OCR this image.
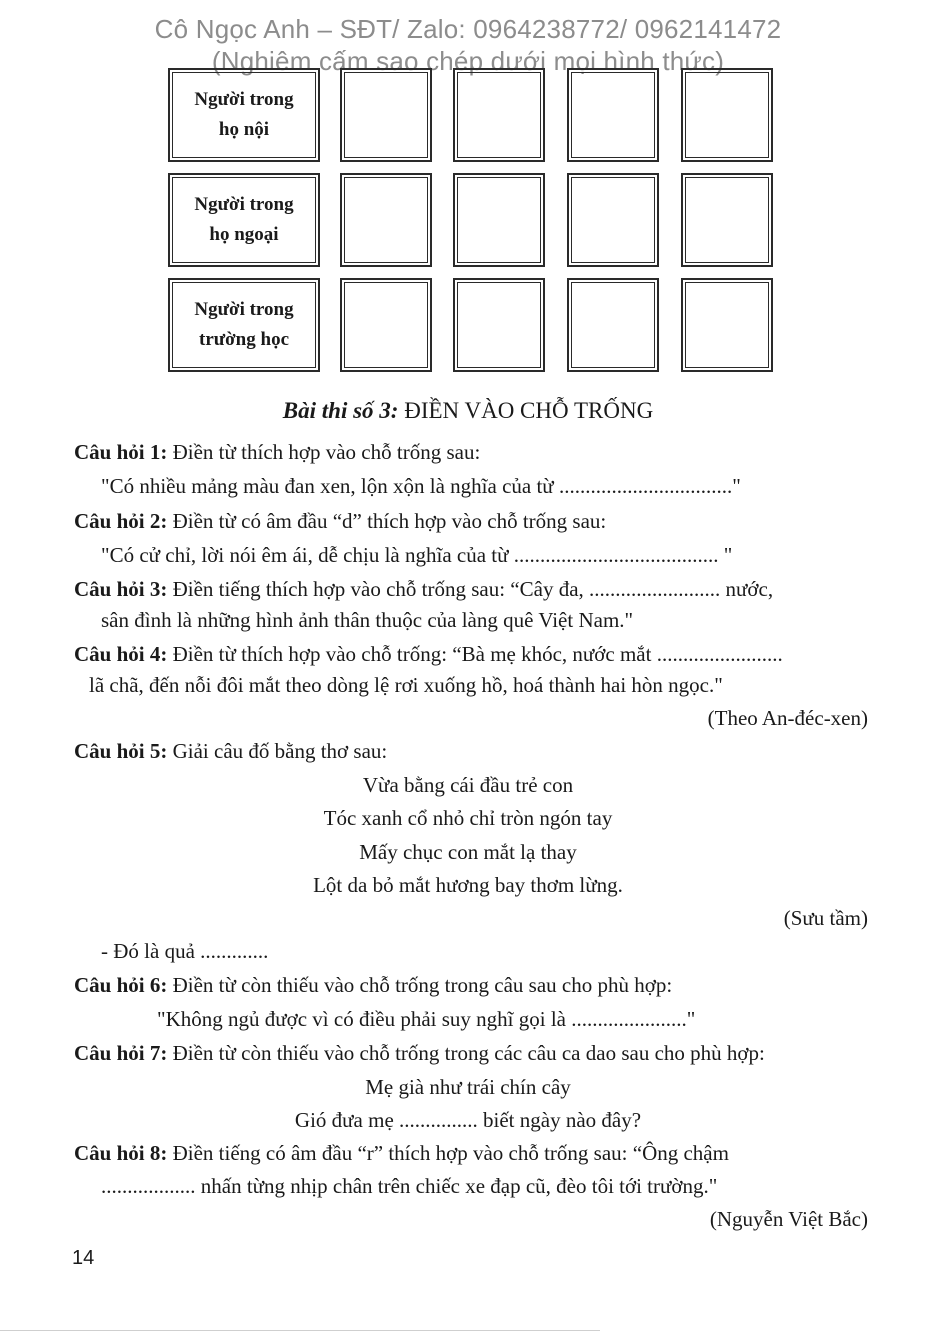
Cô Ngọc Anh – SĐT/ Zalo: 0964238772/ 0962141472
(Nghiêm cấm sao chép dưới mọi hình thức)
Người trong
họ nội
Người trong
họ ngoại
Người trong
trường học
Bài thi số 3: ĐIỀN VÀO CHỖ TRỐNG
Câu hỏi 1: Điền từ thích hợp vào chỗ trống sau:
"Có nhiều mảng màu đan xen, lộn xộn là nghĩa của từ ................................."
Câu hỏi 2: Điền từ có âm đầu “d” thích hợp vào chỗ trống sau:
"Có cử chỉ, lời nói êm ái, dễ chịu là nghĩa của từ ....................................... "
Câu hỏi 3: Điền tiếng thích hợp vào chỗ trống sau: “Cây đa, ......................... nước,
sân đình là những hình ảnh thân thuộc của làng quê Việt Nam."
Câu hỏi 4: Điền từ thích hợp vào chỗ trống: “Bà mẹ khóc, nước mắt ........................
lã chã, đến nỗi đôi mắt theo dòng lệ rơi xuống hồ, hoá thành hai hòn ngọc."
(Theo An-đéc-xen)
Câu hỏi 5: Giải câu đố bằng thơ sau:
Vừa bằng cái đầu trẻ con
Tóc xanh cổ nhỏ chỉ tròn ngón tay
Mấy chục con mắt lạ thay
Lột da bỏ mắt hương bay thơm lừng.
(Sưu tầm)
- Đó là quả .............
Câu hỏi 6: Điền từ còn thiếu vào chỗ trống trong câu sau cho phù hợp:
"Không ngủ được vì có điều phải suy nghĩ gọi là ......................"
Câu hỏi 7: Điền từ còn thiếu vào chỗ trống trong các câu ca dao sau cho phù hợp:
Mẹ già như trái chín cây
Gió đưa mẹ ............... biết ngày nào đây?
Câu hỏi 8: Điền tiếng có âm đầu “r” thích hợp vào chỗ trống sau: “Ông chậm
.................. nhấn từng nhịp chân trên chiếc xe đạp cũ, đèo tôi tới trường."
(Nguyễn Việt Bắc)
14
